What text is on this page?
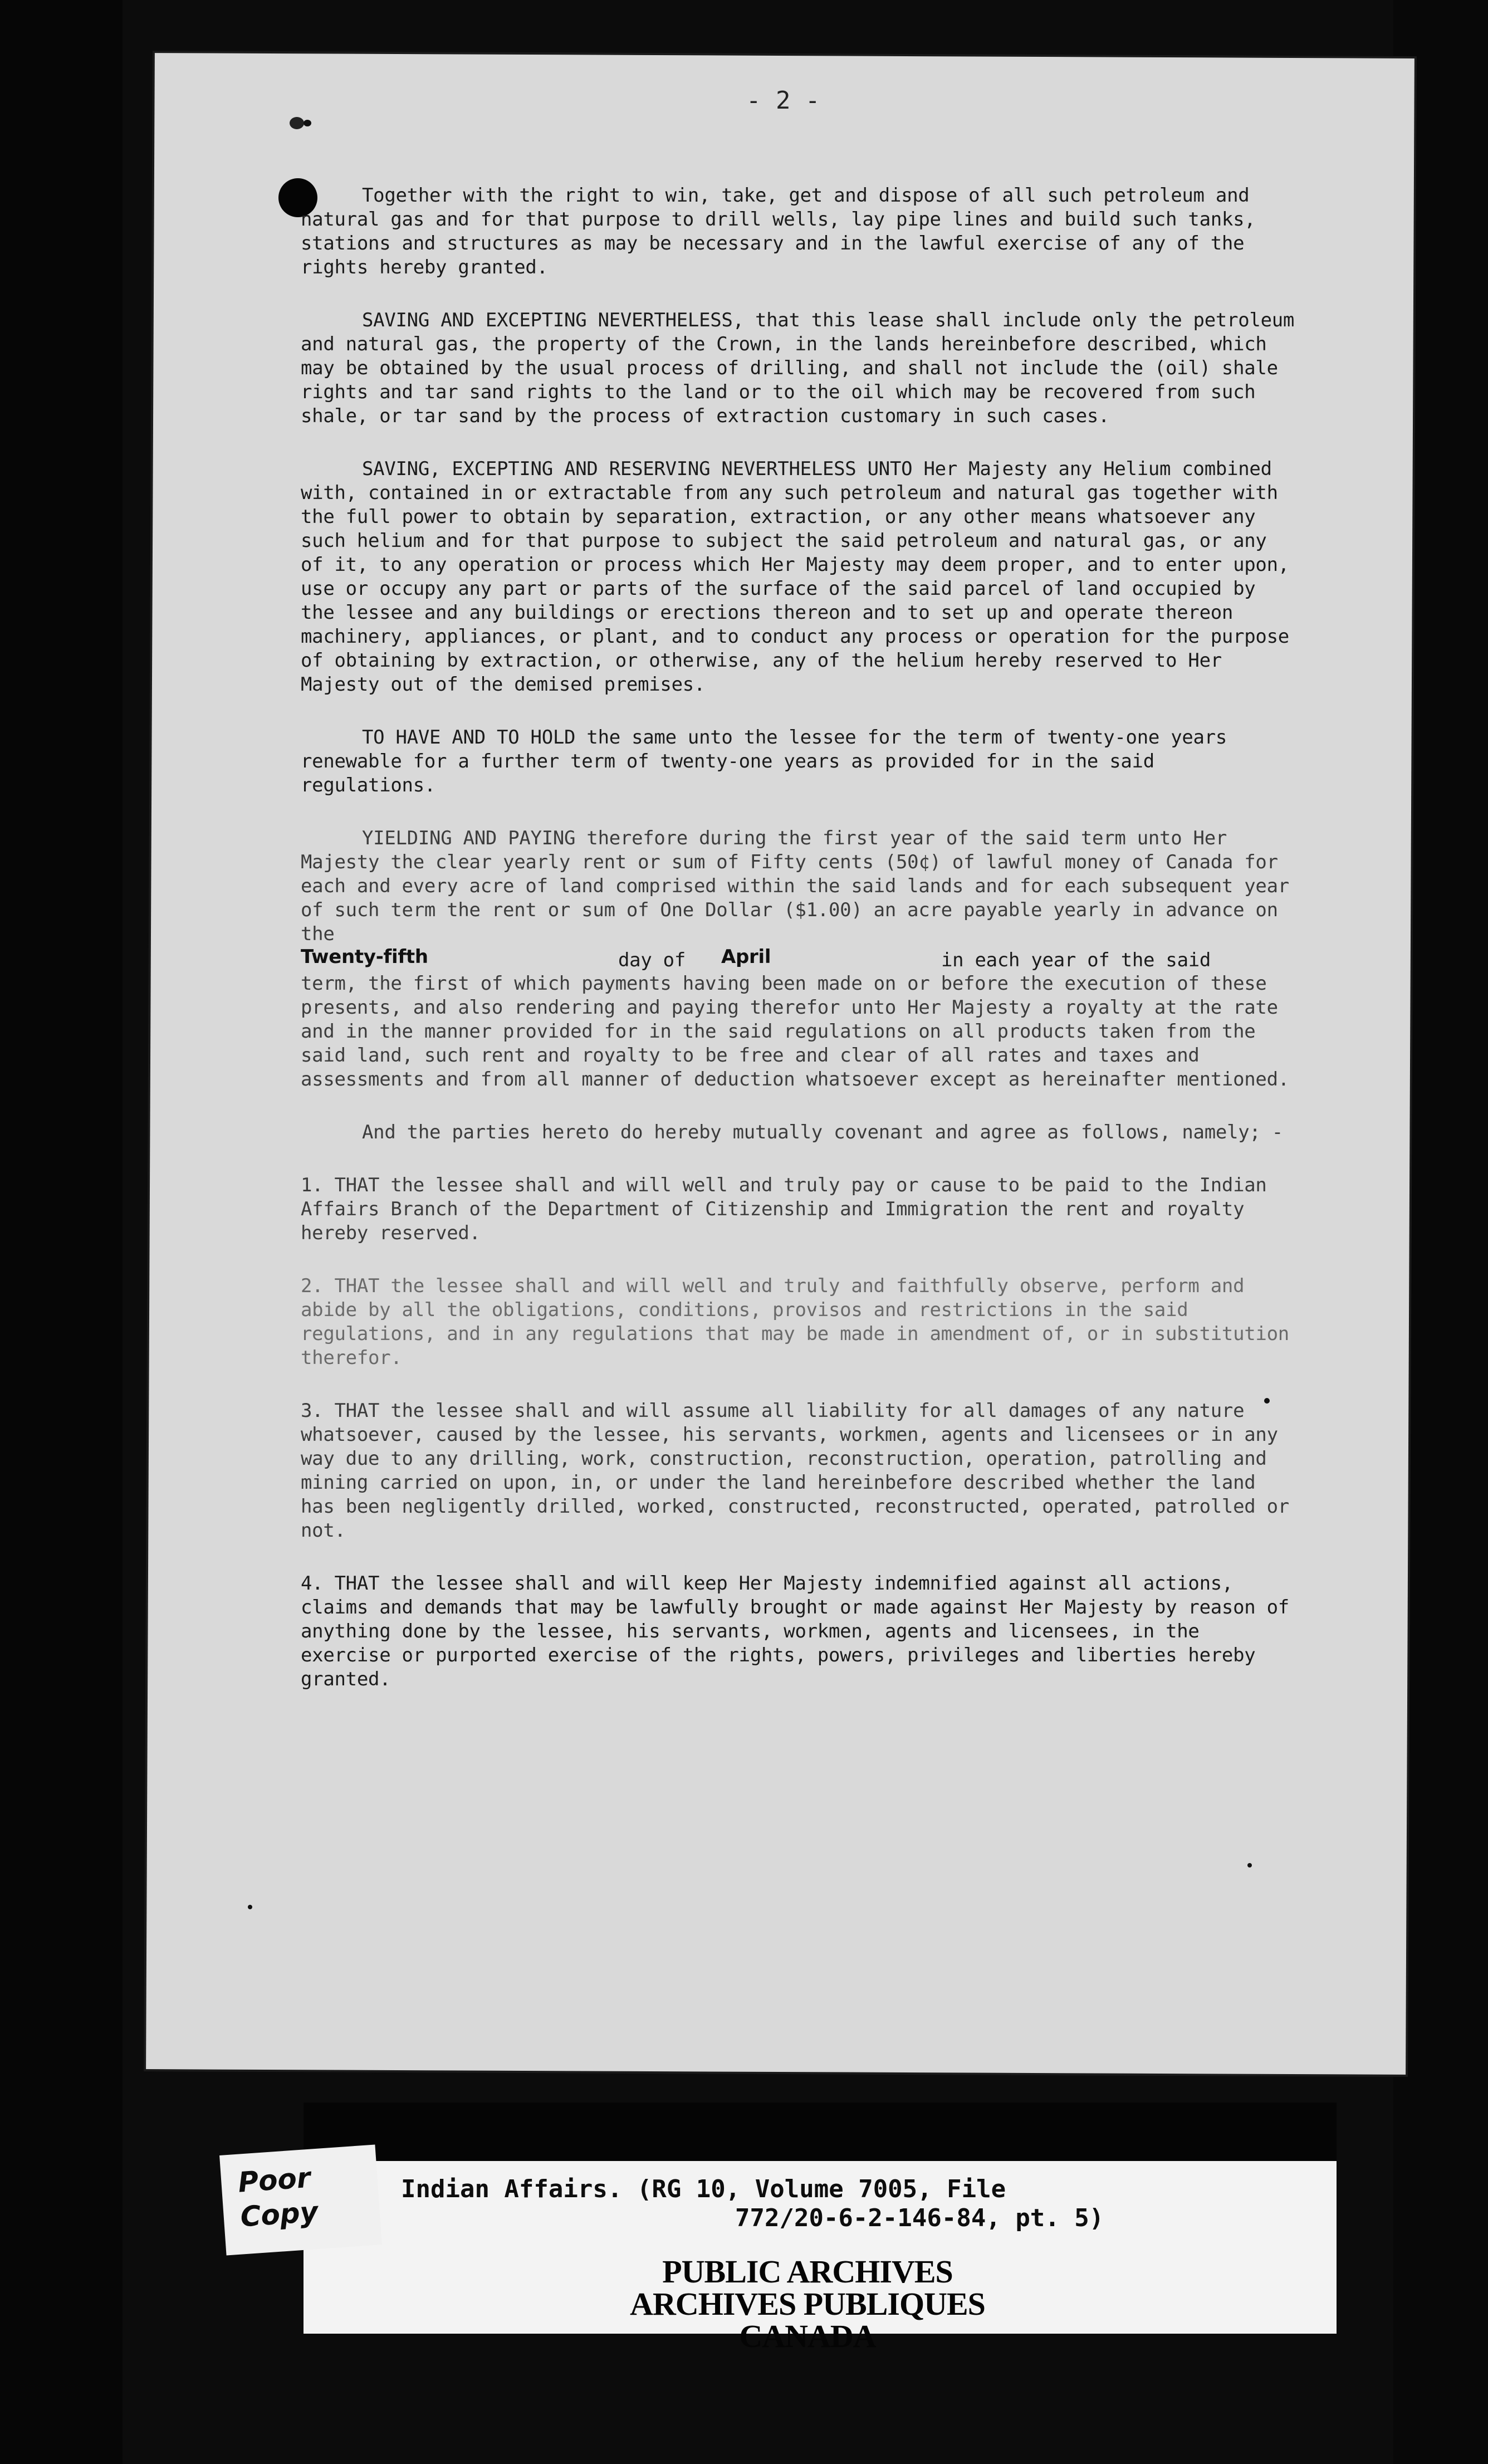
- 2 -

Together with the right to win, take, get and dispose of all such petroleum and natural gas and for that purpose to drill wells, lay pipe lines and build such tanks, stations and structures as may be necessary and in the lawful exercise of any of the rights hereby granted.

SAVING AND EXCEPTING NEVERTHELESS, that this lease shall include only the petroleum and natural gas, the property of the Crown, in the lands hereinbefore described, which may be obtained by the usual process of drilling, and shall not include the (oil) shale rights and tar sand rights to the land or to the oil which may be recovered from such shale, or tar sand by the process of extraction customary in such cases.

SAVING, EXCEPTING AND RESERVING NEVERTHELESS UNTO Her Majesty any Helium combined with, contained in or extractable from any such petroleum and natural gas together with the full power to obtain by separation, extraction, or any other means whatsoever any such helium and for that purpose to subject the said petroleum and natural gas, or any of it, to any operation or process which Her Majesty may deem proper, and to enter upon, use or occupy any part or parts of the surface of the said parcel of land occupied by the lessee and any buildings or erections thereon and to set up and operate thereon machinery, appliances, or plant, and to conduct any process or operation for the purpose of obtaining by extraction, or otherwise, any of the helium hereby reserved to Her Majesty out of the demised premises.

TO HAVE AND TO HOLD the same unto the lessee for the term of twenty-one years renewable for a further term of twenty-one years as provided for in the said regulations.

YIELDING AND PAYING therefore during the first year of the said term unto Her Majesty the clear yearly rent or sum of Fifty cents (50¢) of lawful money of Canada for each and every acre of land comprised within the said lands and for each subsequent year of such term the rent or sum of One Dollar ($1.00) an acre payable yearly in advance on the
Twenty-fifth	day of April	in each year of the said
term, the first of which payments having been made on or before the execution of these presents, and also rendering and paying therefor unto Her Majesty a royalty at the rate and in the manner provided for in the said regulations on all products taken from the said land, such rent and royalty to be free and clear of all rates and taxes and assessments and from all manner of deduction whatsoever except as hereinafter mentioned.

And the parties hereto do hereby mutually covenant and agree as follows, namely; -

1. THAT the lessee shall and will well and truly pay or cause to be paid to the Indian Affairs Branch of the Department of Citizenship and Immigration the rent and royalty hereby reserved.

2. THAT the lessee shall and will well and truly and faithfully observe, perform and abide by all the obligations, conditions, provisos and restrictions in the said regulations, and in any regulations that may be made in amendment of, or in substitution therefor.

3. THAT the lessee shall and will assume all liability for all damages of any nature whatsoever, caused by the lessee, his servants, workmen, agents and licensees or in any way due to any drilling, work, construction, reconstruction, operation, patrolling and mining carried on upon, in, or under the land hereinbefore described whether the land has been negligently drilled, worked, constructed, reconstructed, operated, patrolled or not.

4. THAT the lessee shall and will keep Her Majesty indemnified against all actions, claims and demands that may be lawfully brought or made against Her Majesty by reason of anything done by the lessee, his servants, workmen, agents and licensees, in the exercise or purported exercise of the rights, powers, privileges and liberties hereby granted.

Poor
Copy
Indian Affairs. (RG 10, Volume 7005, File
772/20-6-2-146-84, pt. 5)
PUBLIC ARCHIVES
ARCHIVES PUBLIQUES
CANADA
